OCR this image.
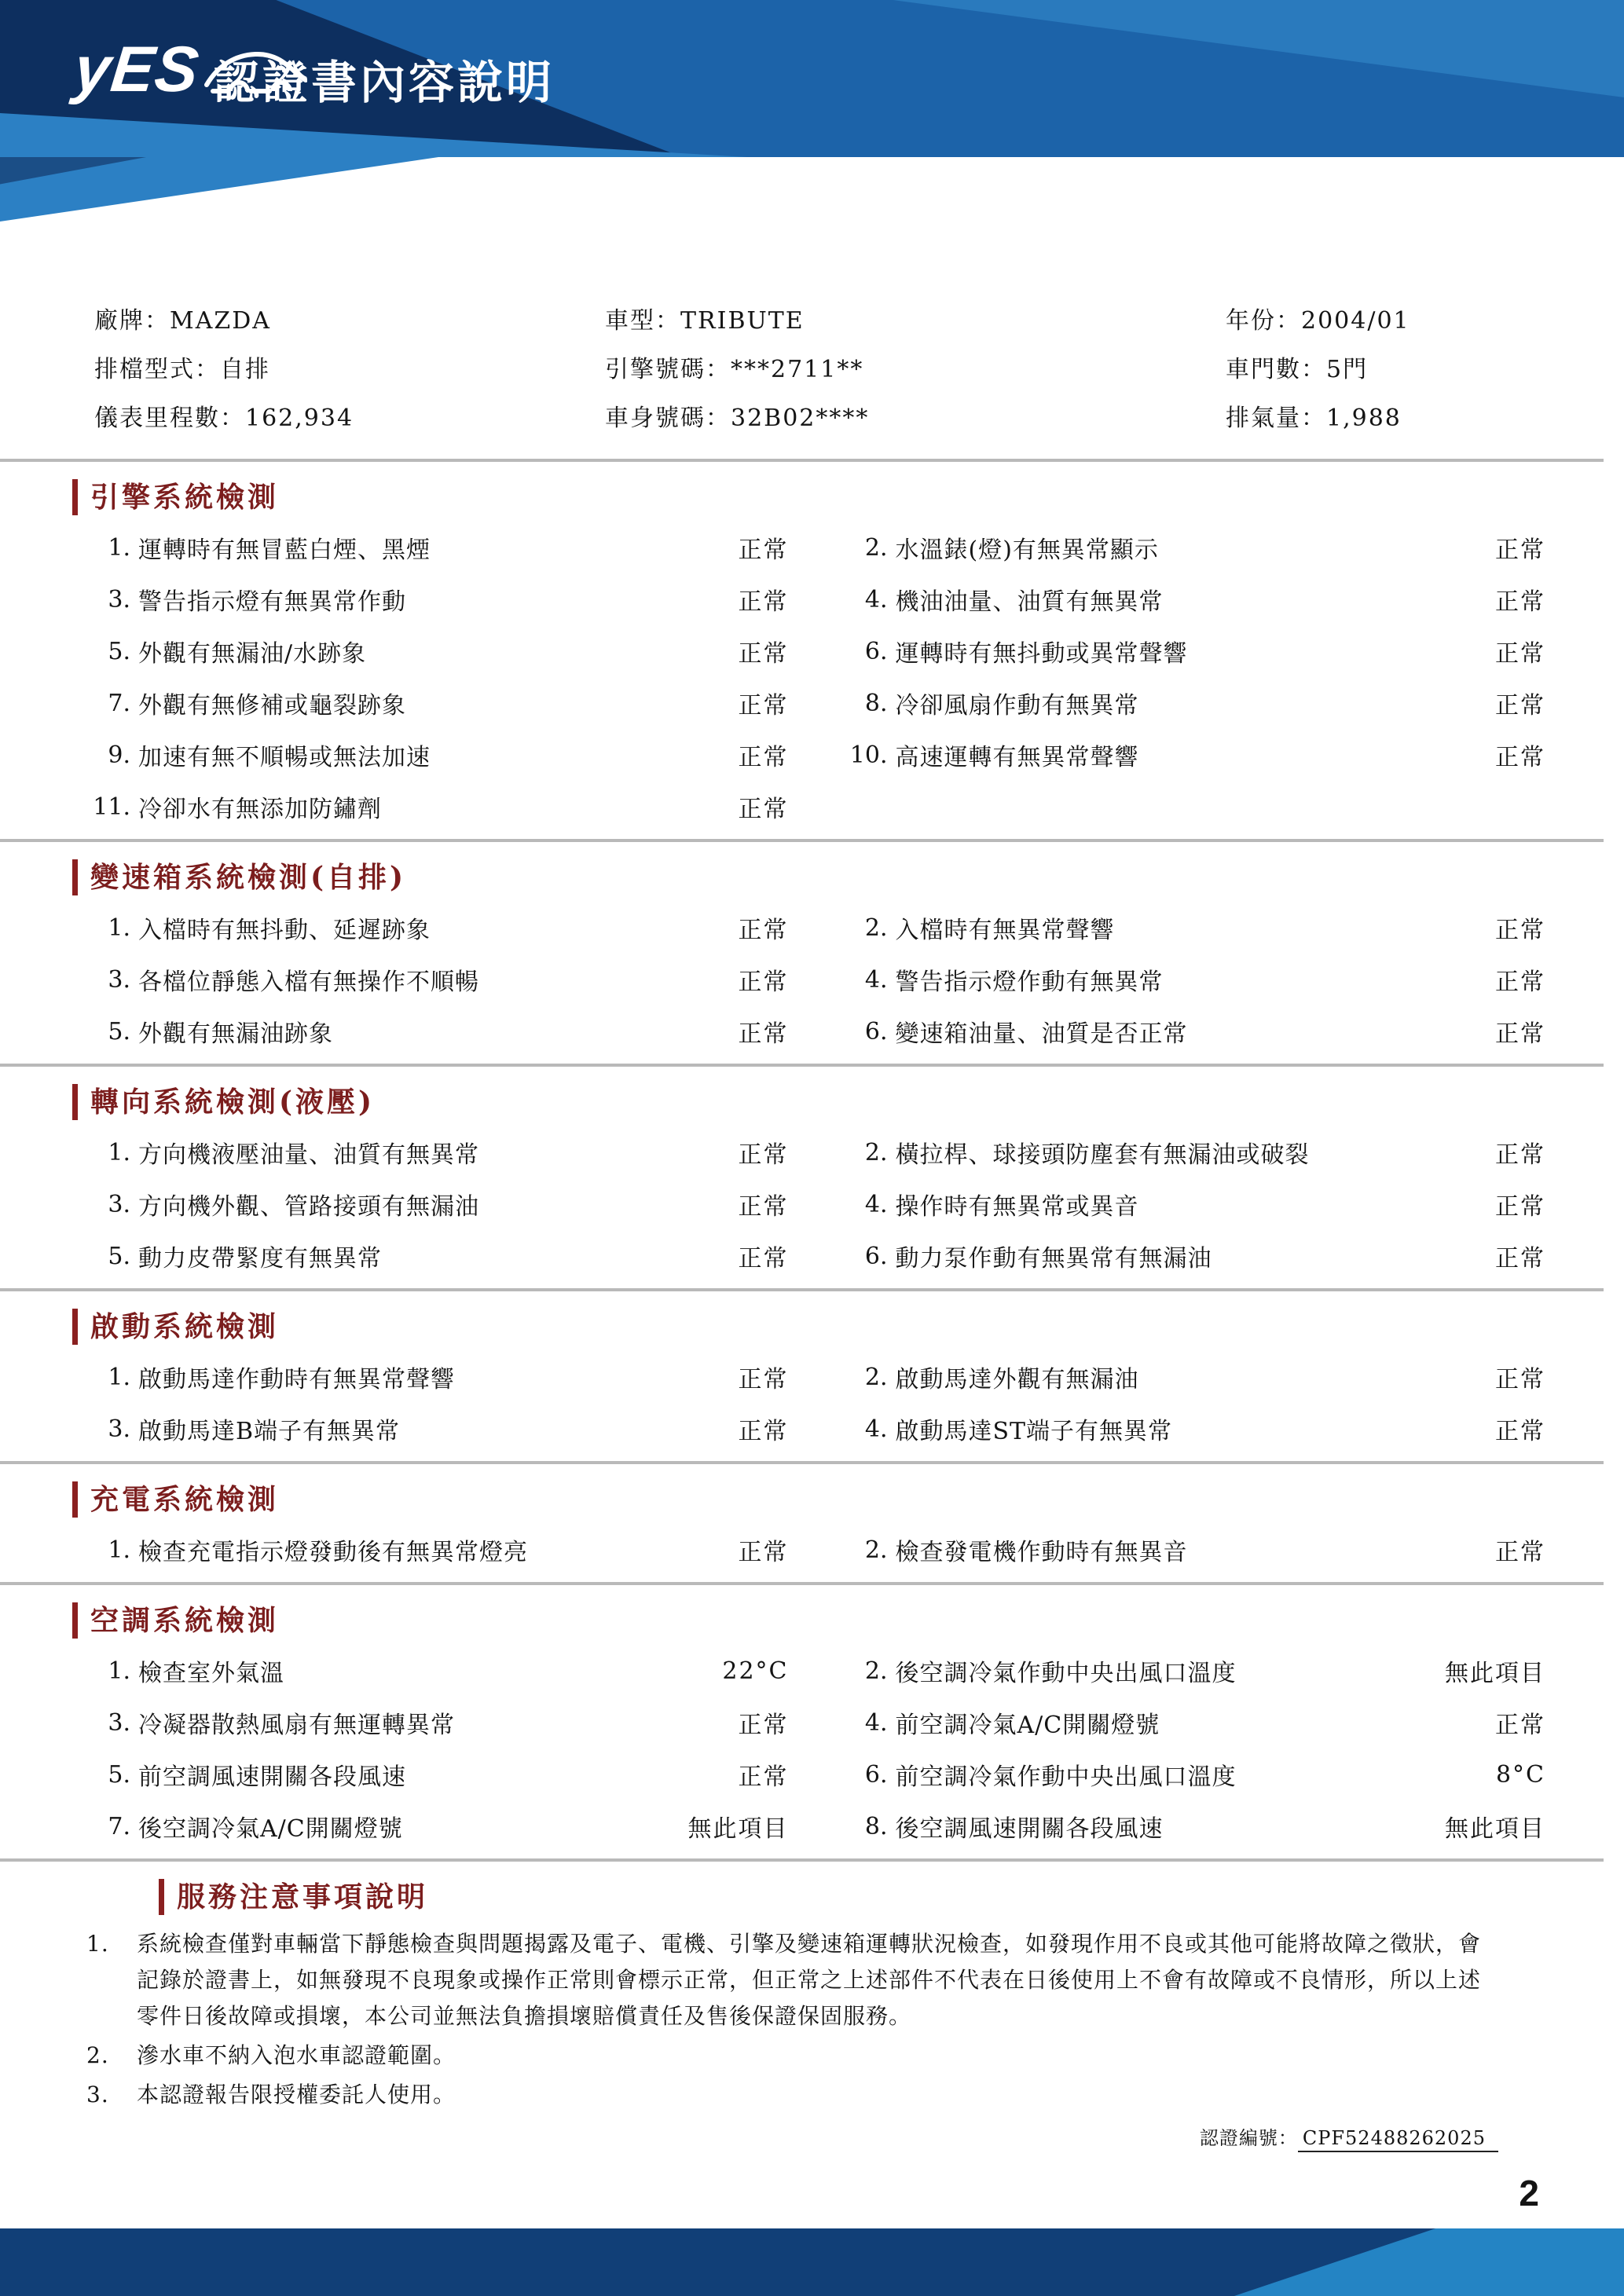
yES 認證書內容說明
廠牌：MAZDA	車型：TRIBUTE	年份：2004/01
排檔型式：自排	引擎號碼：***2711**	車門數：5門
儀表里程數：162,934	車身號碼：32B02****	排氣量：1,988
引擎系統檢測
1. 運轉時有無冒藍白煙、黑煙	正常	2. 水溫錶(燈)有無異常顯示	正常
3. 警告指示燈有無異常作動	正常	4. 機油油量、油質有無異常	正常
5. 外觀有無漏油/水跡象	正常	6. 運轉時有無抖動或異常聲響	正常
7. 外觀有無修補或龜裂跡象	正常	8. 冷卻風扇作動有無異常	正常
9. 加速有無不順暢或無法加速	正常	10. 高速運轉有無異常聲響	正常
11. 冷卻水有無添加防鏽劑	正常
變速箱系統檢測(自排)
1. 入檔時有無抖動、延遲跡象	正常	2. 入檔時有無異常聲響	正常
3. 各檔位靜態入檔有無操作不順暢	正常	4. 警告指示燈作動有無異常	正常
5. 外觀有無漏油跡象	正常	6. 變速箱油量、油質是否正常	正常
轉向系統檢測(液壓)
1. 方向機液壓油量、油質有無異常	正常	2. 橫拉桿、球接頭防塵套有無漏油或破裂	正常
3. 方向機外觀、管路接頭有無漏油	正常	4. 操作時有無異常或異音	正常
5. 動力皮帶緊度有無異常	正常	6. 動力泵作動有無異常有無漏油	正常
啟動系統檢測
1. 啟動馬達作動時有無異常聲響	正常	2. 啟動馬達外觀有無漏油	正常
3. 啟動馬達B端子有無異常	正常	4. 啟動馬達ST端子有無異常	正常
充電系統檢測
1. 檢查充電指示燈發動後有無異常燈亮	正常	2. 檢查發電機作動時有無異音	正常
空調系統檢測
1. 檢查室外氣溫	22°C	2. 後空調冷氣作動中央出風口溫度	無此項目
3. 冷凝器散熱風扇有無運轉異常	正常	4. 前空調冷氣A/C開關燈號	正常
5. 前空調風速開關各段風速	正常	6. 前空調冷氣作動中央出風口溫度	8°C
7. 後空調冷氣A/C開關燈號	無此項目	8. 後空調風速開關各段風速	無此項目
服務注意事項說明
1.	系統檢查僅對車輛當下靜態檢查與問題揭露及電子、電機、引擎及變速箱運轉狀況檢查，如發現作用不良或其他可能將故障之徵狀，會記錄於證書上，如無發現不良現象或操作正常則會標示正常，但正常之上述部件不代表在日後使用上不會有故障或不良情形，所以上述零件日後故障或損壞，本公司並無法負擔損壞賠償責任及售後保證保固服務。
2.	滲水車不納入泡水車認證範圍。
3.	本認證報告限授權委託人使用。
認證編號： CPF52488262025
2
